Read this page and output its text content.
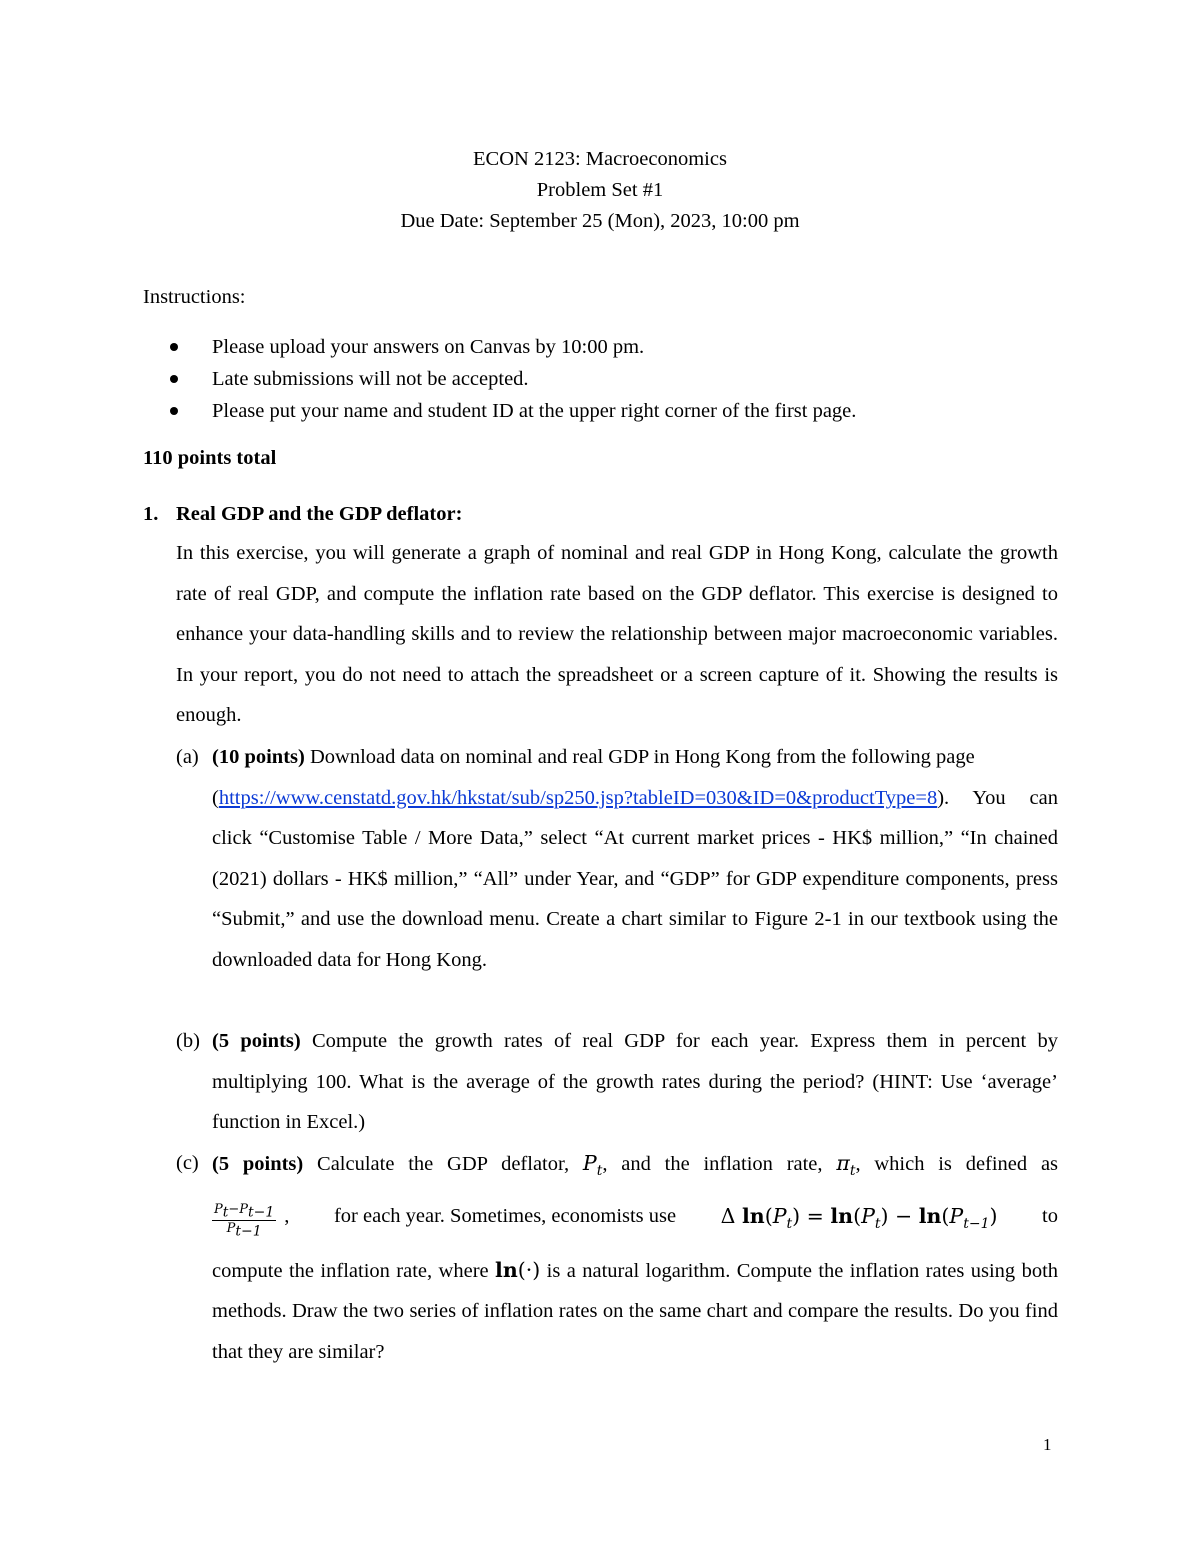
ECON 2123: Macroeconomics
Problem Set #1
Due Date: September 25 (Mon), 2023, 10:00 pm
Instructions:
Please upload your answers on Canvas by 10:00 pm.
Late submissions will not be accepted.
Please put your name and student ID at the upper right corner of the first page.
110 points total
1. Real GDP and the GDP deflator:
In this exercise, you will generate a graph of nominal and real GDP in Hong Kong, calculate the growth rate of real GDP, and compute the inflation rate based on the GDP deflator. This exercise is designed to enhance your data-handling skills and to review the relationship between major macroeconomic variables. In your report, you do not need to attach the spreadsheet or a screen capture of it. Showing the results is enough.
(a) (10 points) Download data on nominal and real GDP in Hong Kong from the following page
(https://www.censtatd.gov.hk/hkstat/sub/sp250.jsp?tableID=030&ID=0&productType=8). You can click “Customise Table / More Data,” select “At current market prices - HK$ million,” “In chained (2021) dollars - HK$ million,” “All” under Year, and “GDP” for GDP expenditure components, press “Submit,” and use the download menu. Create a chart similar to Figure 2-1 in our textbook using the downloaded data for Hong Kong.
(b) (5 points) Compute the growth rates of real GDP for each year. Express them in percent by multiplying 100. What is the average of the growth rates during the period? (HINT: Use ‘average’ function in Excel.)
(c) (5 points) Calculate the GDP deflator, $P_t$, and the inflation rate, $\pi_t$, which is defined as
$\frac{P_t-P_{t-1}}{P_{t-1}}$ , for each year. Sometimes, economists use Δ $\ln(P_t) = \ln(P_t) - \ln(P_{t-1})$ to
compute the inflation rate, where ln(·) is a natural logarithm. Compute the inflation rates using both methods. Draw the two series of inflation rates on the same chart and compare the results. Do you find that they are similar?
1
